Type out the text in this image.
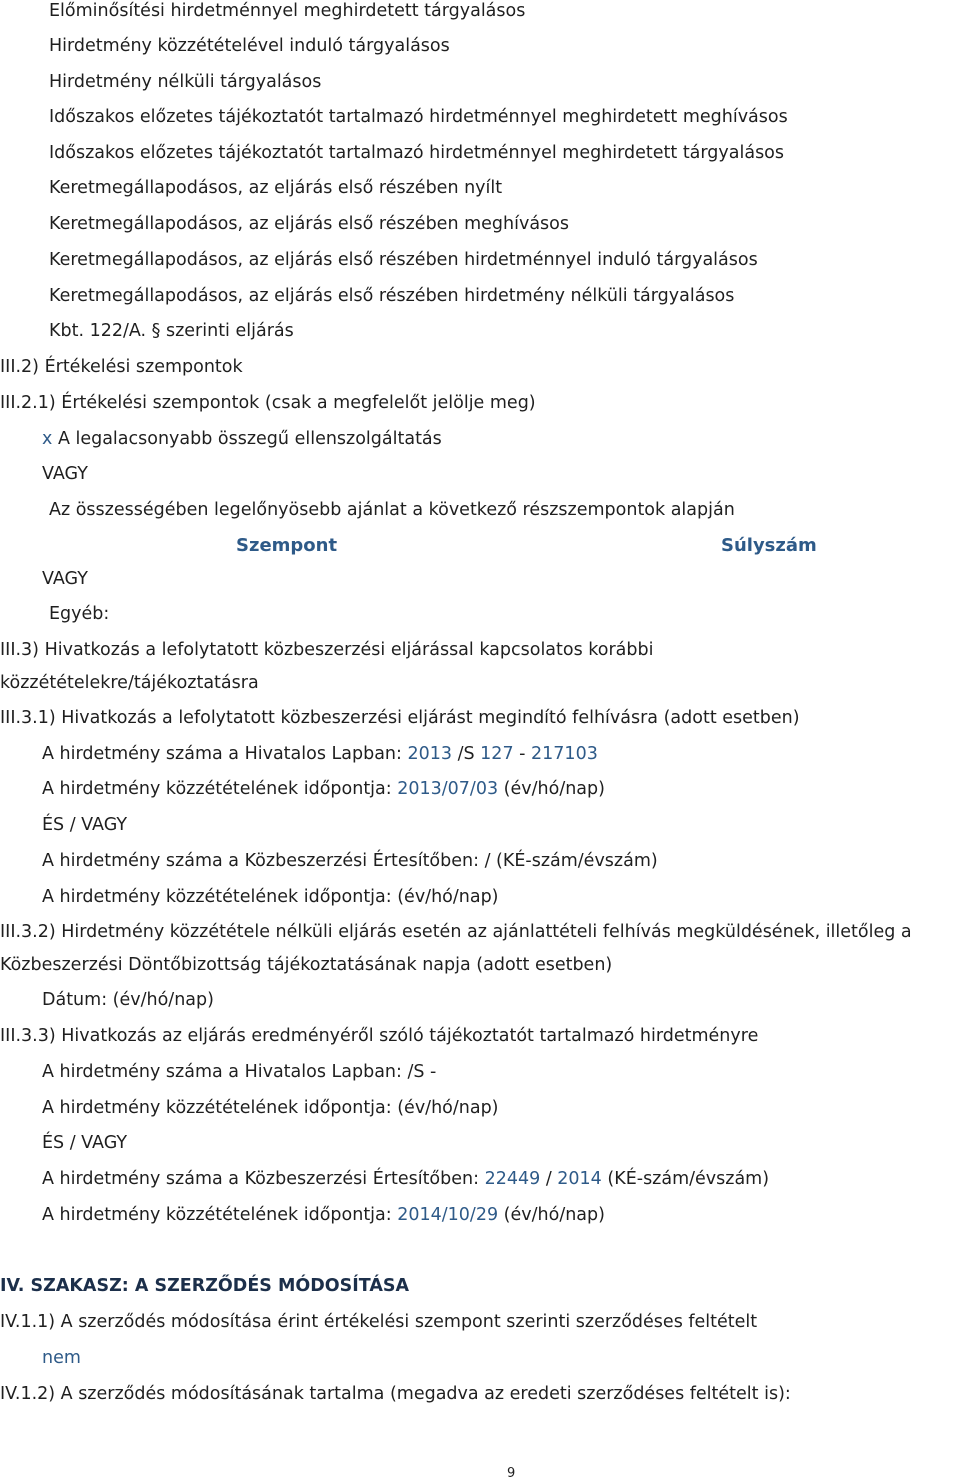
Előminősítési hirdetménnyel meghirdetett tárgyalásos
Hirdetmény közzétételével induló tárgyalásos
Hirdetmény nélküli tárgyalásos
Időszakos előzetes tájékoztatót tartalmazó hirdetménnyel meghirdetett meghívásos
Időszakos előzetes tájékoztatót tartalmazó hirdetménnyel meghirdetett tárgyalásos
Keretmegállapodásos, az eljárás első részében nyílt
Keretmegállapodásos, az eljárás első részében meghívásos
Keretmegállapodásos, az eljárás első részében hirdetménnyel induló tárgyalásos
Keretmegállapodásos, az eljárás első részében hirdetmény nélküli tárgyalásos
Kbt. 122/A. § szerinti eljárás
III.2) Értékelési szempontok
III.2.1) Értékelési szempontok (csak a megfelelőt jelölje meg)
x A legalacsonyabb összegű ellenszolgáltatás
VAGY
Az összességében legelőnyösebb ajánlat a következő részszempontok alapján
Szempont	Súlyszám
VAGY
Egyéb:
III.3) Hivatkozás a lefolytatott közbeszerzési eljárással kapcsolatos korábbi
közzétételekre/tájékoztatásra
III.3.1) Hivatkozás a lefolytatott közbeszerzési eljárást megindító felhívásra (adott esetben)
A hirdetmény száma a Hivatalos Lapban: 2013 /S 127 - 217103
A hirdetmény közzétételének időpontja: 2013/07/03 (év/hó/nap)
ÉS / VAGY
A hirdetmény száma a Közbeszerzési Értesítőben: / (KÉ-szám/évszám)
A hirdetmény közzétételének időpontja: (év/hó/nap)
III.3.2) Hirdetmény közzététele nélküli eljárás esetén az ajánlattételi felhívás megküldésének, illetőleg a
Közbeszerzési Döntőbizottság tájékoztatásának napja (adott esetben)
Dátum: (év/hó/nap)
III.3.3) Hivatkozás az eljárás eredményéről szóló tájékoztatót tartalmazó hirdetményre
A hirdetmény száma a Hivatalos Lapban: /S -
A hirdetmény közzétételének időpontja: (év/hó/nap)
ÉS / VAGY
A hirdetmény száma a Közbeszerzési Értesítőben: 22449 / 2014 (KÉ-szám/évszám)
A hirdetmény közzétételének időpontja: 2014/10/29 (év/hó/nap)
IV. SZAKASZ: A SZERZŐDÉS MÓDOSÍTÁSA
IV.1.1) A szerződés módosítása érint értékelési szempont szerinti szerződéses feltételt
nem
IV.1.2) A szerződés módosításának tartalma (megadva az eredeti szerződéses feltételt is):
9
